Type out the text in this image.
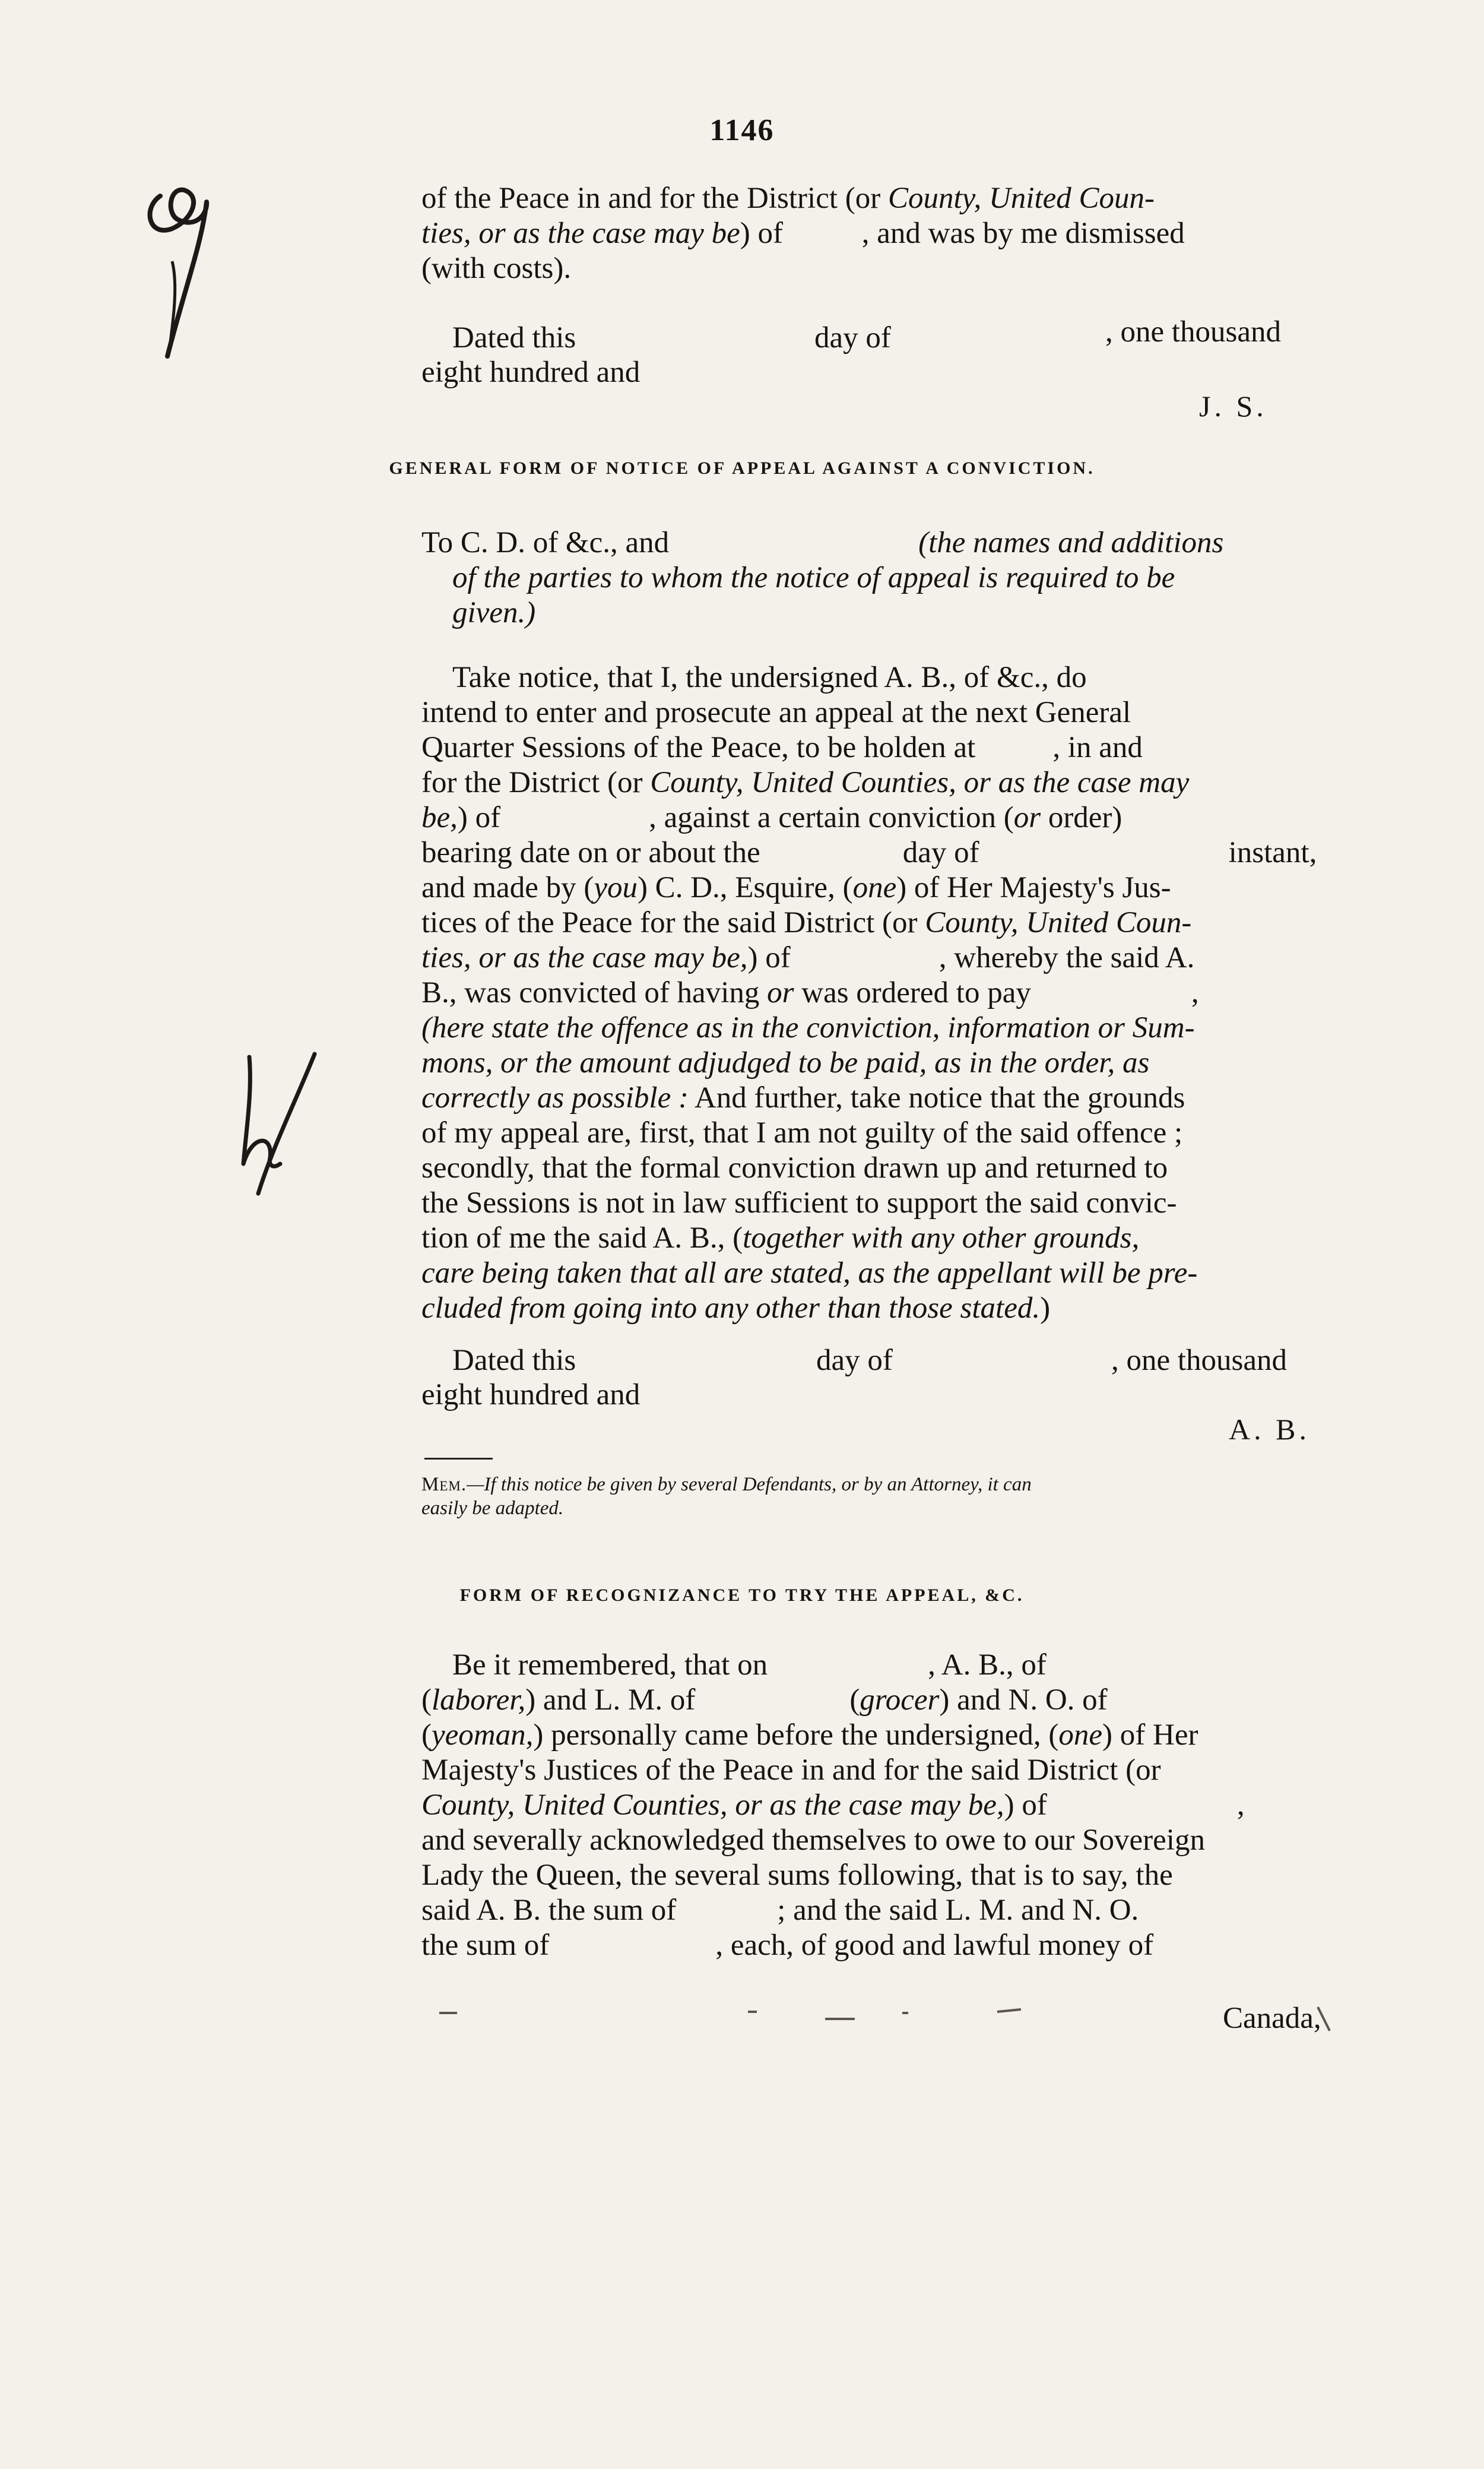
1146
of the Peace in and for the District (or County, United Coun-
ties, or as the case may be) of , and was by me dismissed
(with costs).
Dated this	day of	, one thousand
eight hundred and
J. S.
GENERAL FORM OF NOTICE OF APPEAL AGAINST A CONVICTION.
To C. D. of &c., and	(the names and additions
of the parties to whom the notice of appeal is required to be
given.)
Take notice, that I, the undersigned A. B., of &c., do
intend to enter and prosecute an appeal at the next General
Quarter Sessions of the Peace, to be holden at	, in and
for the District (or County, United Counties, or as the case may
be,) of	, against a certain conviction (or order)
bearing date on or about the	day of	instant,
and made by (you) C. D., Esquire, (one) of Her Majesty's Jus-
tices of the Peace for the said District (or County, United Coun-
ties, or as the case may be,) of	, whereby the said A.
B., was convicted of having or was ordered to pay	,
(here state the offence as in the conviction, information or Sum-
mons, or the amount adjudged to be paid, as in the order, as
correctly as possible : And further, take notice that the grounds
of my appeal are, first, that I am not guilty of the said offence ;
secondly, that the formal conviction drawn up and returned to
the Sessions is not in law sufficient to support the said convic-
tion of me the said A. B., (together with any other grounds,
care being taken that all are stated, as the appellant will be pre-
cluded from going into any other than those stated.)
Dated this	day of	, one thousand
eight hundred and
A. B.
Mem.—If this notice be given by several Defendants, or by an Attorney, it can
easily be adapted.
FORM OF RECOGNIZANCE TO TRY THE APPEAL, &C.
Be it remembered, that on	, A. B., of
(laborer,) and L. M. of	(grocer) and N. O. of
(yeoman,) personally came before the undersigned, (one) of Her
Majesty's Justices of the Peace in and for the said District (or
County, United Counties, or as the case may be,) of	,
and severally acknowledged themselves to owe to our Sovereign
Lady the Queen, the several sums following, that is to say, the
said A. B. the sum of	; and the said L. M. and N. O.
the sum of	, each, of good and lawful money of
Canada,
